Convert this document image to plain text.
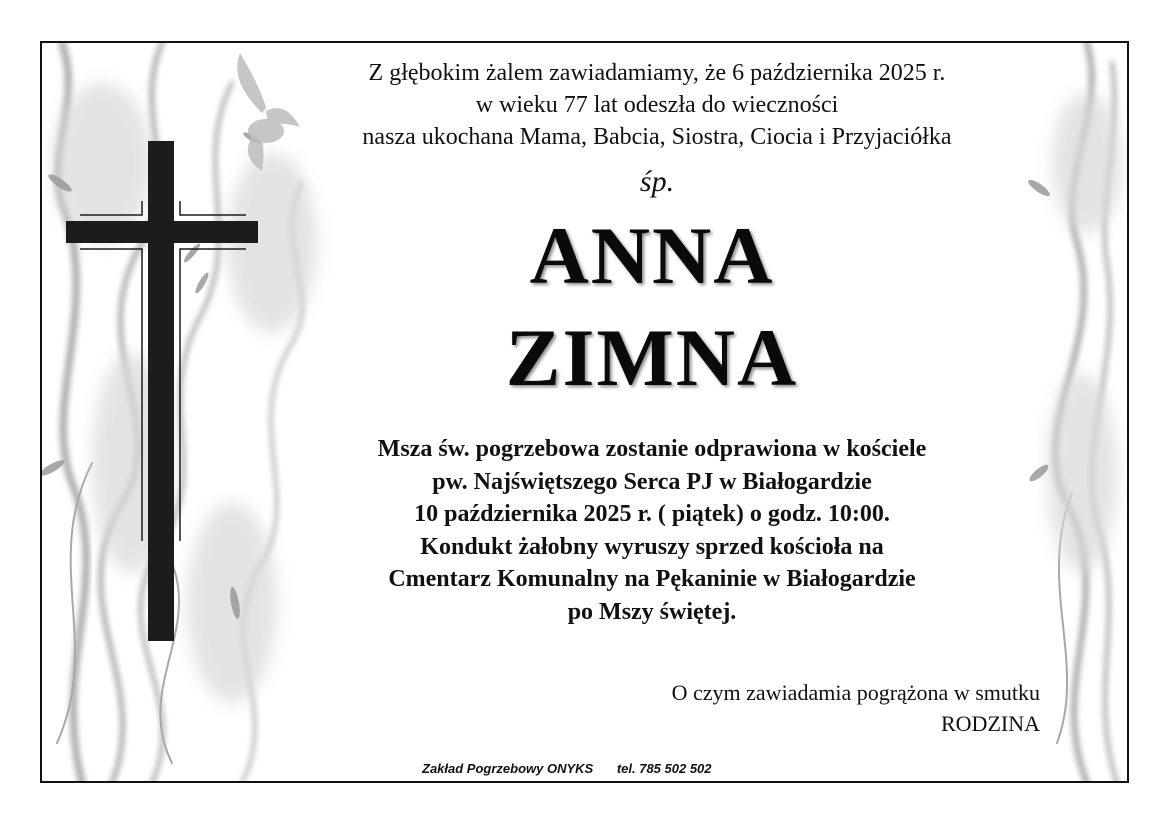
Z głębokim żalem zawiadamiamy, że 6 października 2025 r.
w wieku 77 lat odeszła do wieczności
nasza ukochana Mama, Babcia, Siostra, Ciocia i Przyjaciółka
śp.
ANNA
ZIMNA
Msza św. pogrzebowa zostanie odprawiona w kościele
pw. Najświętszego Serca PJ w Białogardzie
10 października 2025 r. ( piątek) o godz. 10:00.
Kondukt żałobny wyruszy sprzed kościoła na
Cmentarz Komunalny na Pękaninie w Białogardzie
po Mszy świętej.
O czym zawiadamia pogrążona w smutku
RODZINA
Zakład Pogrzebowy ONYKS tel. 785 502 502
